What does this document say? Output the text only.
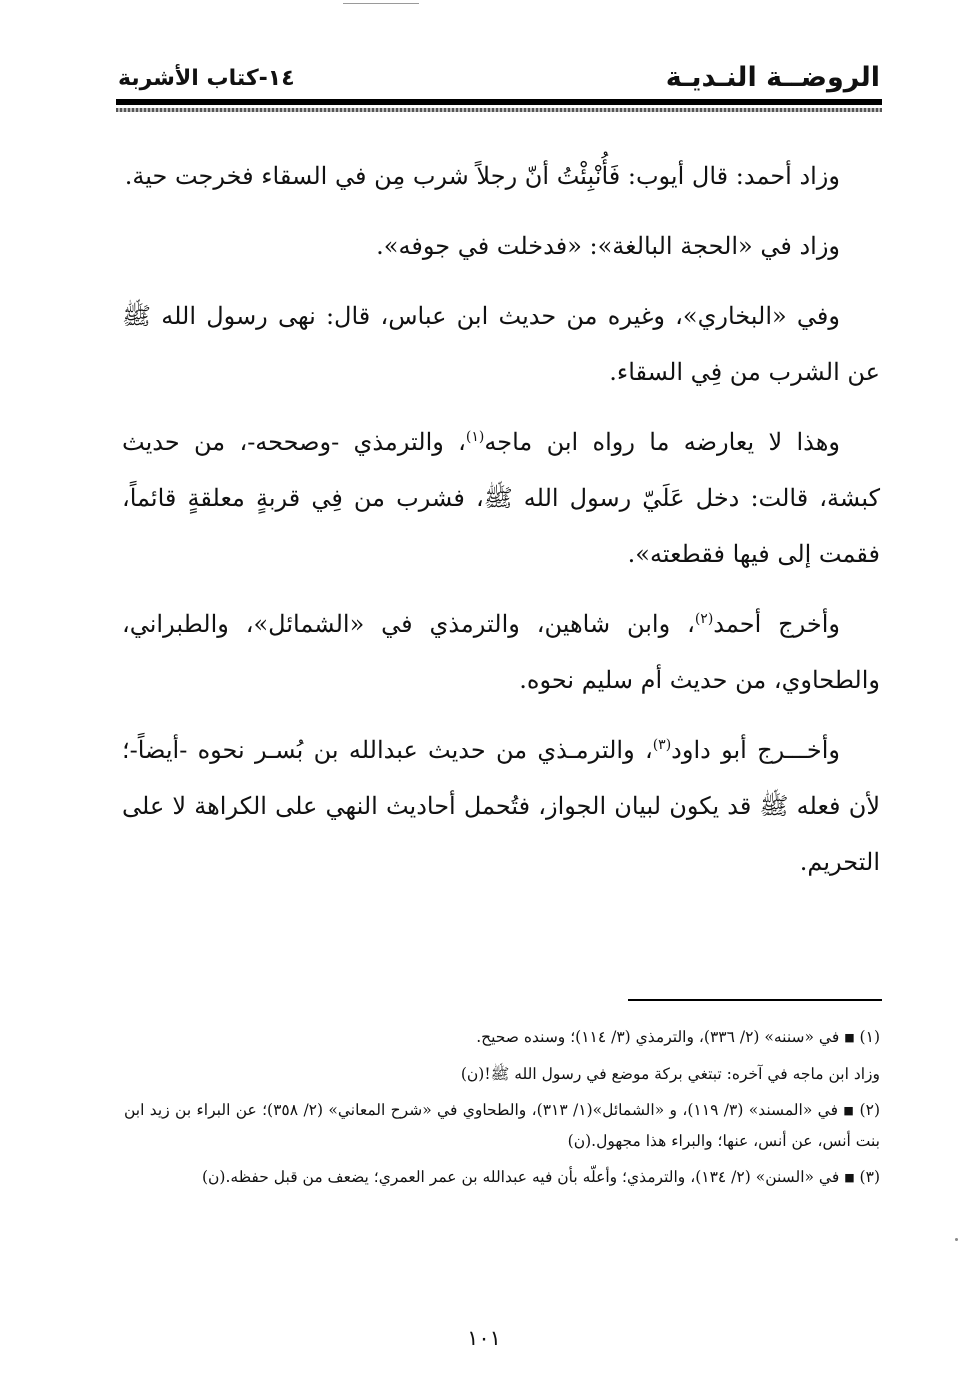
الروضــة النـديـة
١٤-كتاب الأشربة

وزاد أحمد: قال أيوب: فَأُنْبِئْتُ أنّ رجلاً شرب مِن في السقاء فخرجت حية.

وزاد في «الحجة البالغة»: «فدخلت في جوفه».

وفي «البخاري»، وغيره من حديث ابن عباس، قال: نهى رسول الله ﷺ عن الشرب من فِي السقاء.

وهذا لا يعارضه ما رواه ابن ماجه$^{(١)}$، والترمذي -وصححه-، من حديث كبشة، قالت: دخل عَلَيّ رسول الله ﷺ، فشرب من فِي قربةٍ معلقةٍ قائماً، فقمت إلى فيها فقطعته».

وأخرج أحمد$^{(٢)}$، وابن شاهين، والترمذي في «الشمائل»، والطبراني، والطحاوي، من حديث أم سليم نحوه.

وأخـــرج أبو داود$^{(٣)}$، والترمـذي من حديث عبدالله بن بُسـر نحوه -أيضاً-؛ لأن فعله ﷺ قد يكون لبيان الجواز، فتُحمل أحاديث النهي على الكراهة لا على التحريم.

(١) ■ في «سننه» (٢/ ٣٣٦)، والترمذي (٣/ ١١٤)؛ وسنده صحيح.

وزاد ابن ماجه في آخره: تبتغي بركة موضع في رسول الله ﷺ!(ن)

(٢) ■ في «المسند» (٣/ ١١٩)، و «الشمائل»(١/ ٣١٣)، والطحاوي في «شرح المعاني» (٢/ ٣٥٨)؛ عن البراء بن زيد ابن بنت أنس، عن أنس، عنها؛ والبراء هذا مجهول.(ن)

(٣) ■ في «السنن» (٢/ ١٣٤)، والترمذي؛ وأعلّه بأن فيه عبدالله بن عمر العمري؛ يضعف من قبل حفظه.(ن)

١٠١
